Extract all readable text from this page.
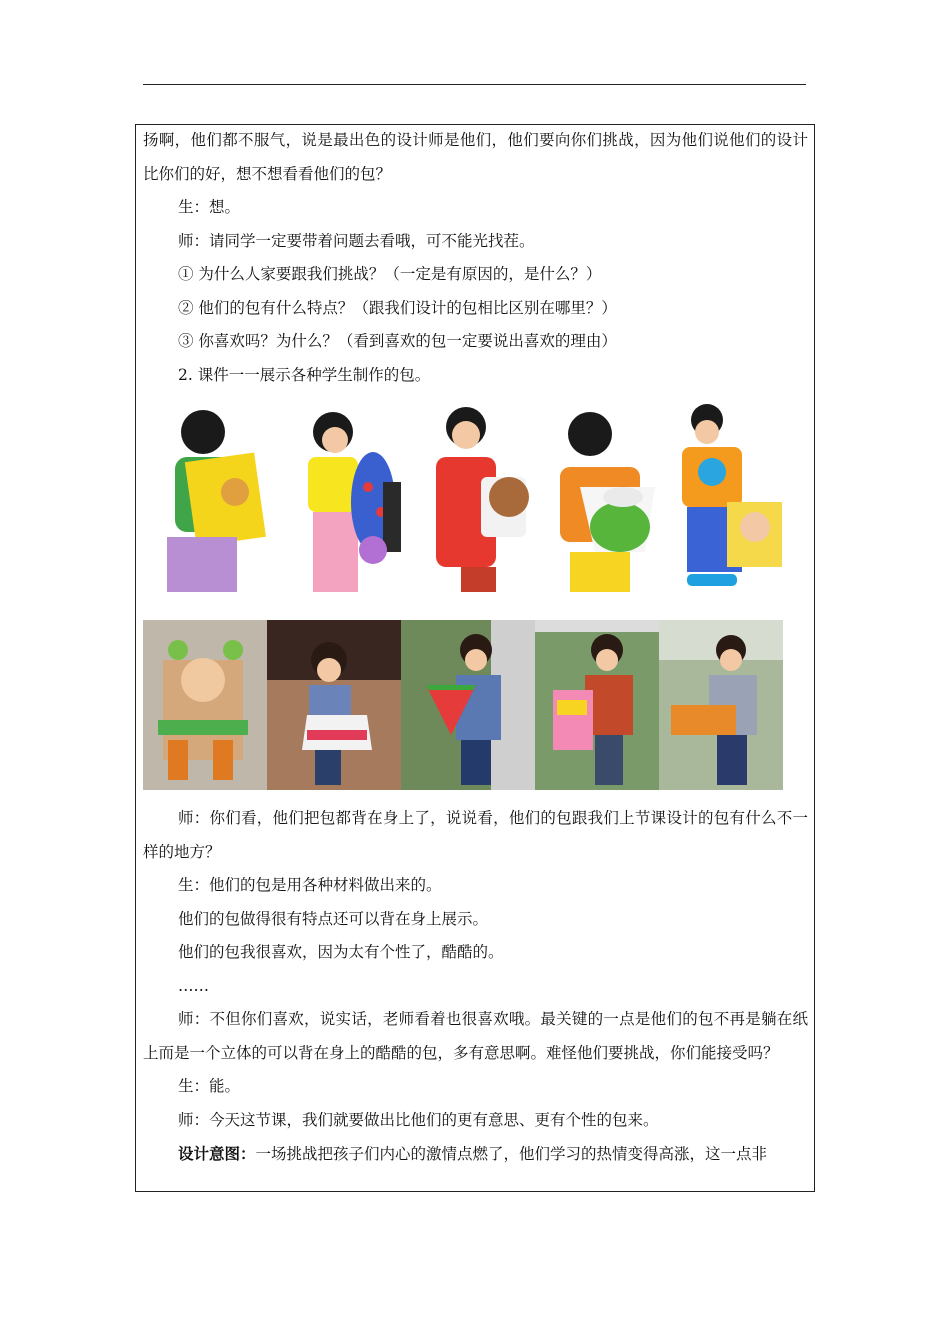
扬啊，他们都不服气，说是最出色的设计师是他们，他们要向你们挑战，因为他们说他们的设计比你们的好，想不想看看他们的包？

生：想。

师：请同学一定要带着问题去看哦，可不能光找茬。

① 为什么人家要跟我们挑战？（一定是有原因的，是什么？）

② 他们的包有什么特点？（跟我们设计的包相比区别在哪里？）

③ 你喜欢吗？为什么？（看到喜欢的包一定要说出喜欢的理由）

2. 课件一一展示各种学生制作的包。

师：你们看，他们把包都背在身上了，说说看，他们的包跟我们上节课设计的包有什么不一样的地方？

生：他们的包是用各种材料做出来的。

他们的包做得很有特点还可以背在身上展示。

他们的包我很喜欢，因为太有个性了，酷酷的。

……

师：不但你们喜欢，说实话，老师看着也很喜欢哦。最关键的一点是他们的包不再是躺在纸上而是一个立体的可以背在身上的酷酷的包，多有意思啊。难怪他们要挑战，你们能接受吗？

生：能。

师：今天这节课，我们就要做出比他们的更有意思、更有个性的包来。

设计意图：一场挑战把孩子们内心的激情点燃了，他们学习的热情变得高涨，这一点非
